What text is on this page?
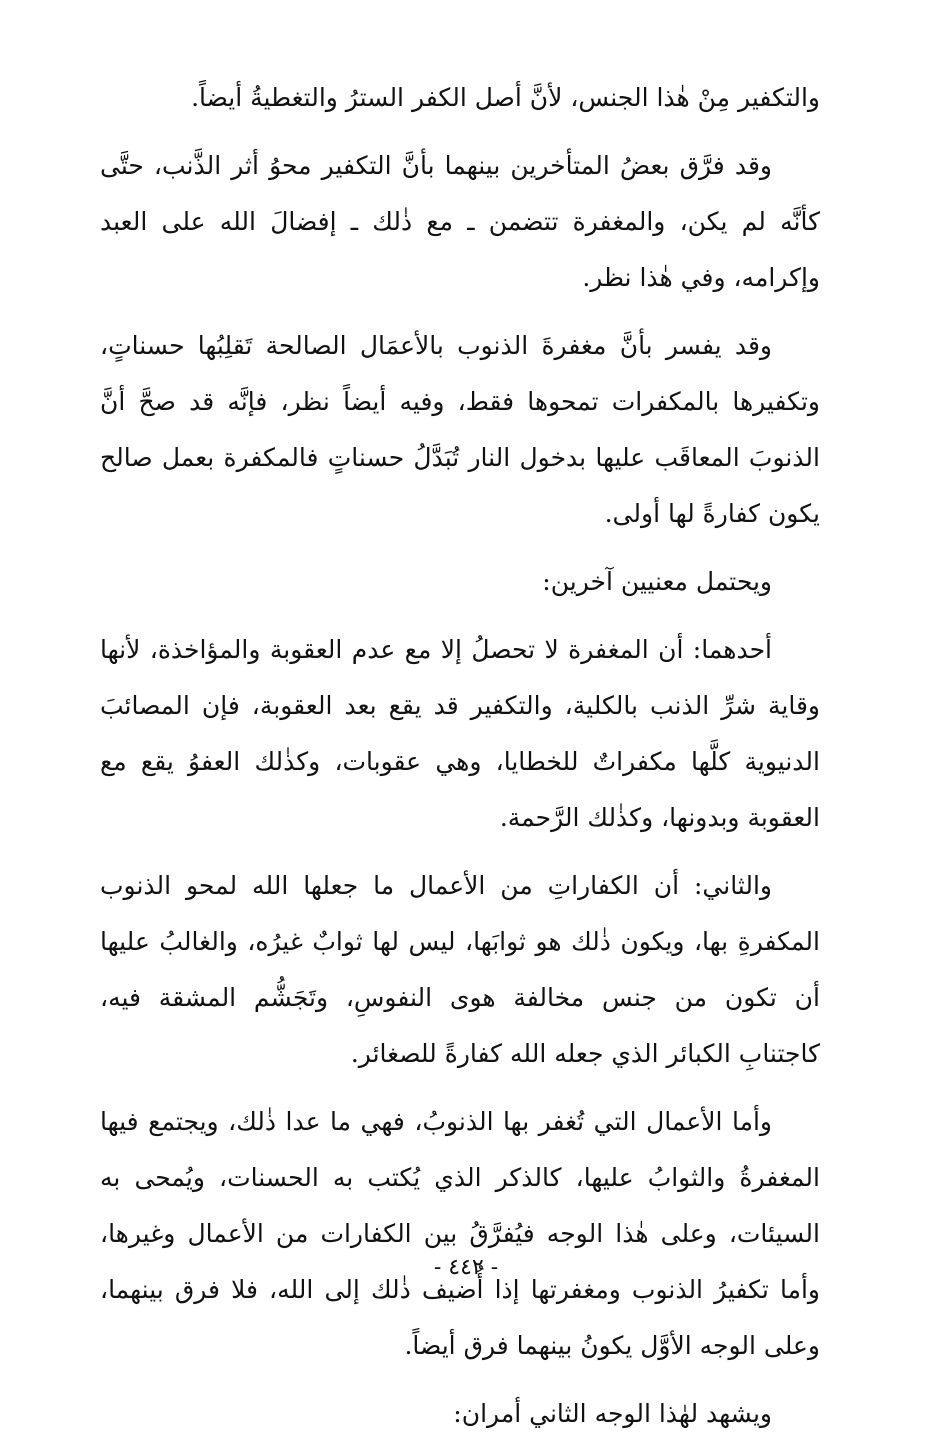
والتكفير مِنْ هٰذا الجنس، لأنَّ أصل الكفر السترُ والتغطيةُ أيضاً.

وقد فرَّق بعضُ المتأخرين بينهما بأنَّ التكفير محوُ أثر الذَّنب، حتَّى كأنَّه لم يكن، والمغفرة تتضمن ـ مع ذٰلك ـ إفضالَ الله على العبد وإكرامه، وفي هٰذا نظر.

وقد يفسر بأنَّ مغفرةَ الذنوب بالأعمَال الصالحة تَقلِبُها حسناتٍ، وتكفيرها بالمكفرات تمحوها فقط، وفيه أيضاً نظر، فإنَّه قد صحَّ أنَّ الذنوبَ المعاقَب عليها بدخول النار تُبَدَّلُ حسناتٍ فالمكفرة بعمل صالح يكون كفارةً لها أولى.

ويحتمل معنيين آخرين:

أحدهما: أن المغفرة لا تحصلُ إلا مع عدم العقوبة والمؤاخذة، لأنها وقاية شرِّ الذنب بالكلية، والتكفير قد يقع بعد العقوبة، فإن المصائبَ الدنيوية كلَّها مكفراتٌ للخطايا، وهي عقوبات، وكذٰلك العفوُ يقع مع العقوبة وبدونها، وكذٰلك الرَّحمة.

والثاني: أن الكفاراتِ من الأعمال ما جعلها الله لمحو الذنوب المكفرةِ بها، ويكون ذٰلك هو ثوابَها، ليس لها ثوابٌ غيرُه، والغالبُ عليها أن تكون من جنس مخالفة هوى النفوسِ، وتَجَشُّم المشقة فيه، كاجتنابِ الكبائر الذي جعله الله كفارةً للصغائر.

وأما الأعمال التي تُغفر بها الذنوبُ، فهي ما عدا ذٰلك، ويجتمع فيها المغفرةُ والثوابُ عليها، كالذكر الذي يُكتب به الحسنات، ويُمحى به السيئات، وعلى هٰذا الوجه فيُفرَّقُ بين الكفارات من الأعمال وغيرها، وأما تكفيرُ الذنوب ومغفرتها إذا أُضيف ذٰلك إلى الله، فلا فرق بينهما، وعلى الوجه الأوَّل يكونُ بينهما فرق أيضاً.

ويشهد لهٰذا الوجه الثاني أمران:

- ٤٤٢ -
